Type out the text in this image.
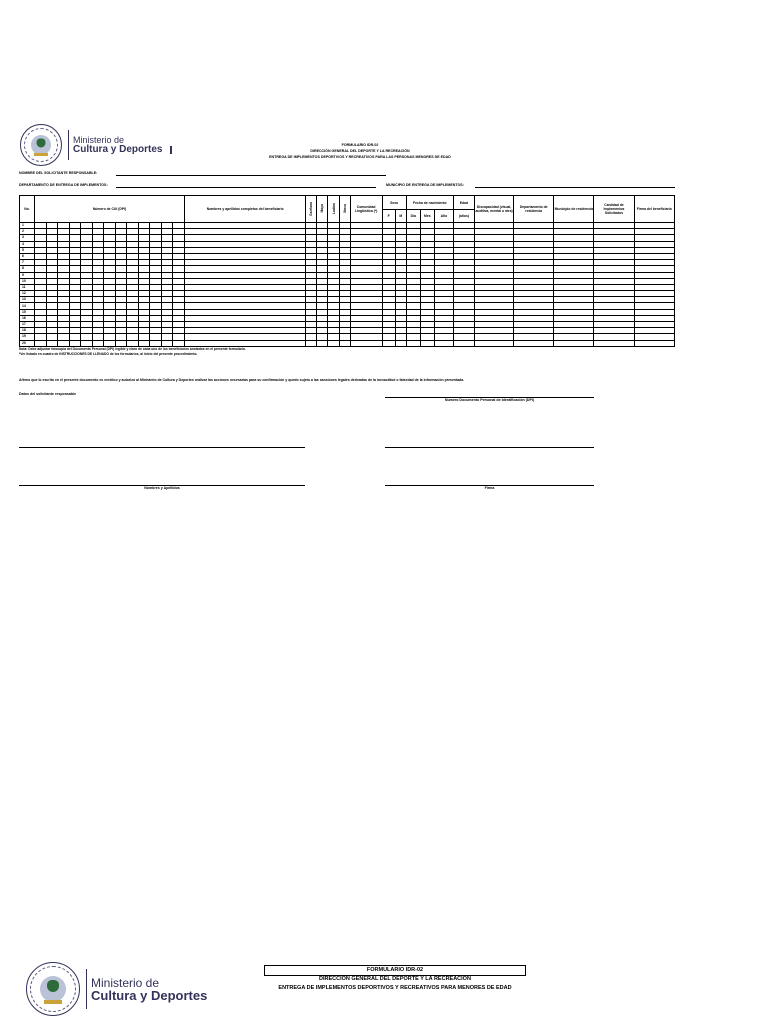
Ministerio de
Cultura y Deportes	FORMULARIO IDR-02
DIRECCIÓN GENERAL DEL DEPORTE Y LA RECREACIÓN
ENTREGA DE IMPLEMENTOS DEPORTIVOS Y RECREATIVOS PARA LAS PERSONAS MENORES DE EDAD
NOMBRE DEL SOLICITANTE RESPONSABLE:
DEPARTAMENTO DE ENTREGA DE IMPLEMENTOS:	MUNICIPIO DE ENTREGA DE IMPLEMENTOS:
No.	Número de CUI (DPI)													Nombres y apellidos completos del beneficiario	Garífuna	Maya	Ladino	Xinca	Comunidad Lingüística (*)	Sexo		Fecha de nacimiento			Edad	Discapacidad (visual, auditiva, mental u otra)	Departamento de residencia	Municipio de residencia	Cantidad de Implementos Solicitados	Firma del beneficiario
																				F	M	Día	Mes	Año	(años)					
1																														
2																														
3																														
4																														
5																														
6																														
7																														
8																														
9																														
10																														
11																														
12																														
13																														
14																														
15																														
16																														
17																														
18																														
19																														
20																														
Nota: Debe adjuntar fotocopia del Documento Personal (DPI) legible y claro de cada uno de los beneficiarios anotados en el presente formulario.
*Ver listado en cuadro de INSTRUCCIONES DE LLENADO de los formularios, al inicio del presente procedimiento.
Afirmo que lo escrito en el presente documento es verídico y autorizo al Ministerio de Cultura y Deportes realizar las acciones necesarias para su confirmación y quedo sujeto a las sanciones legales derivadas de la inexactitud o falsedad de la información presentada.
Datos del solicitante responsable
Número Documento Personal de Identificación (DPI)
Nombres y Apellidos	Firma
Ministerio de
Cultura y Deportes
FORMULARIO IDR-02
DIRECCIÓN GENERAL DEL DEPORTE Y LA RECREACIÓN
ENTREGA DE IMPLEMENTOS DEPORTIVOS Y RECREATIVOS PARA MENORES DE EDAD
